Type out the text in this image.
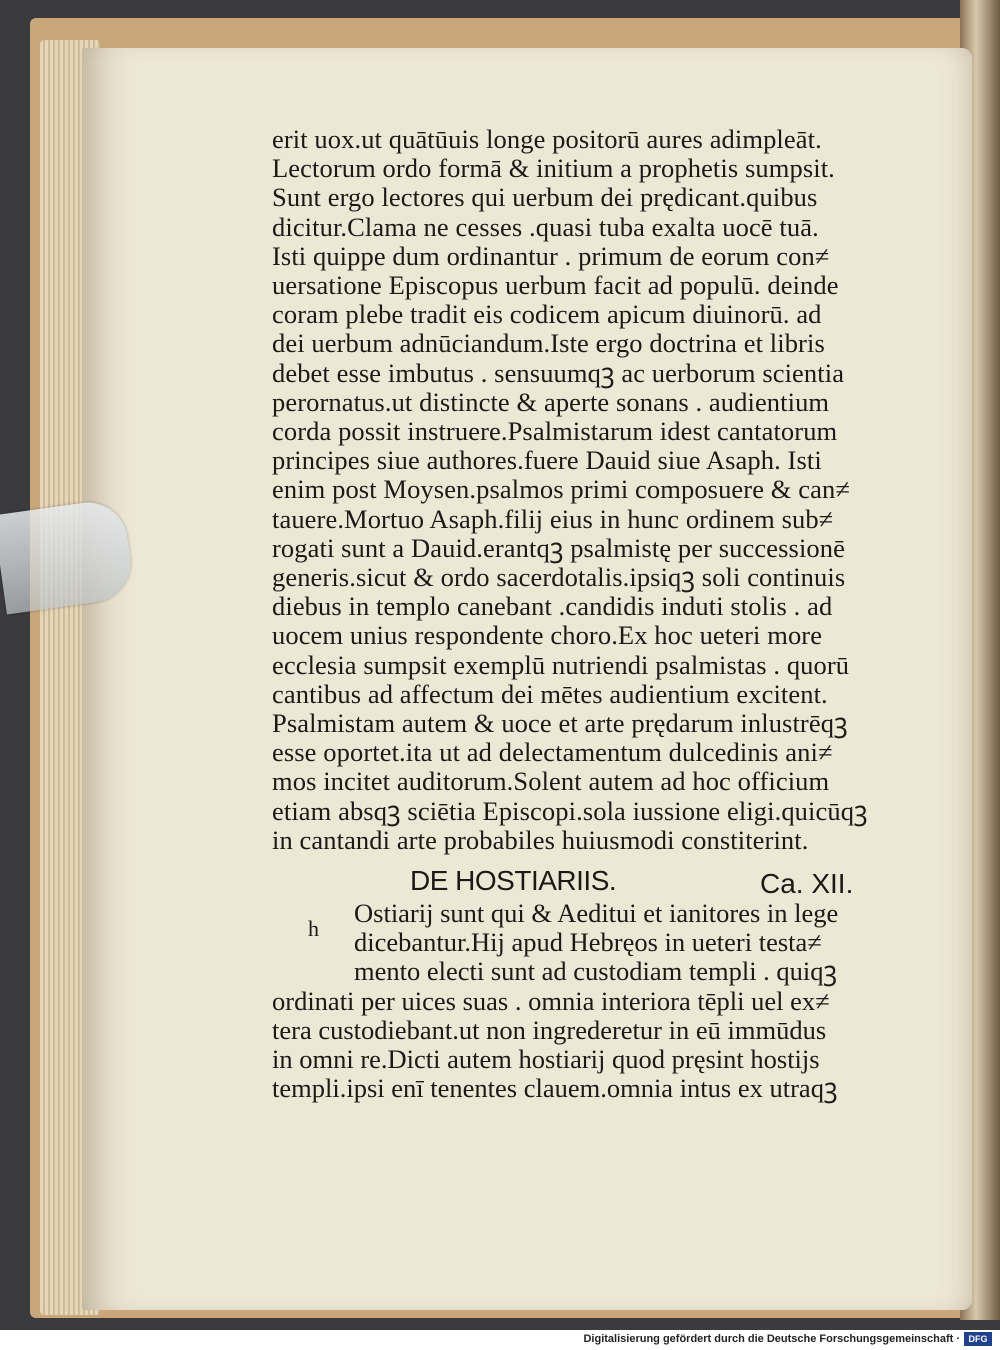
erit uox.ut quātūuis longe positorū aures adimpleāt.
Lectorum ordo formā & initium a prophetis sumpsit.
Sunt ergo lectores qui uerbum dei prędicant.quibus
dicitur.Clama ne cesses .quasi tuba exalta uocē tuā.
Isti quippe dum ordinantur . primum de eorum con≠
uersatione Episcopus uerbum facit ad populū. deinde
coram plebe tradit eis codicem apicum diuinorū. ad
dei uerbum adnūciandum.Iste ergo doctrina et libris
debet esse imbutus . sensuumqꝫ ac uerborum scientia
perornatus.ut distincte & aperte sonans . audientium
corda possit instruere.Psalmistarum idest cantatorum
principes siue authores.fuere Dauid siue Asaph. Isti
enim post Moysen.psalmos primi composuere & can≠
tauere.Mortuo Asaph.filij eius in hunc ordinem sub≠
rogati sunt a Dauid.erantqꝫ psalmistę per successionē
generis.sicut & ordo sacerdotalis.ipsiqꝫ soli continuis
diebus in templo canebant .candidis induti stolis . ad
uocem unius respondente choro.Ex hoc ueteri more
ecclesia sumpsit exemplū nutriendi psalmistas . quorū
cantibus ad affectum dei mētes audientium excitent.
Psalmistam autem & uoce et arte prędarum inlustrēqꝫ
esse oportet.ita ut ad delectamentum dulcedinis ani≠
mos incitet auditorum.Solent autem ad hoc officium
etiam absqꝫ sciētia Episcopi.sola iussione eligi.quicūqꝫ
in cantandi arte probabiles huiusmodi constiterint.
DE HOSTIARIIS.	Ca. XII.
Ostiarij sunt qui & Aeditui et ianitores in lege
dicebantur.Hij apud Hebręos in ueteri testa≠
mento electi sunt ad custodiam templi . quiqꝫ
ordinati per uices suas . omnia interiora tēpli uel ex≠
tera custodiebant.ut non ingrederetur in eū immūdus
in omni re.Dicti autem hostiarij quod pręsint hostijs
templi.ipsi enī tenentes clauem.omnia intus ex utraqꝫ
h
Digitalisierung gefördert durch die Deutsche Forschungsgemeinschaft · DFG
